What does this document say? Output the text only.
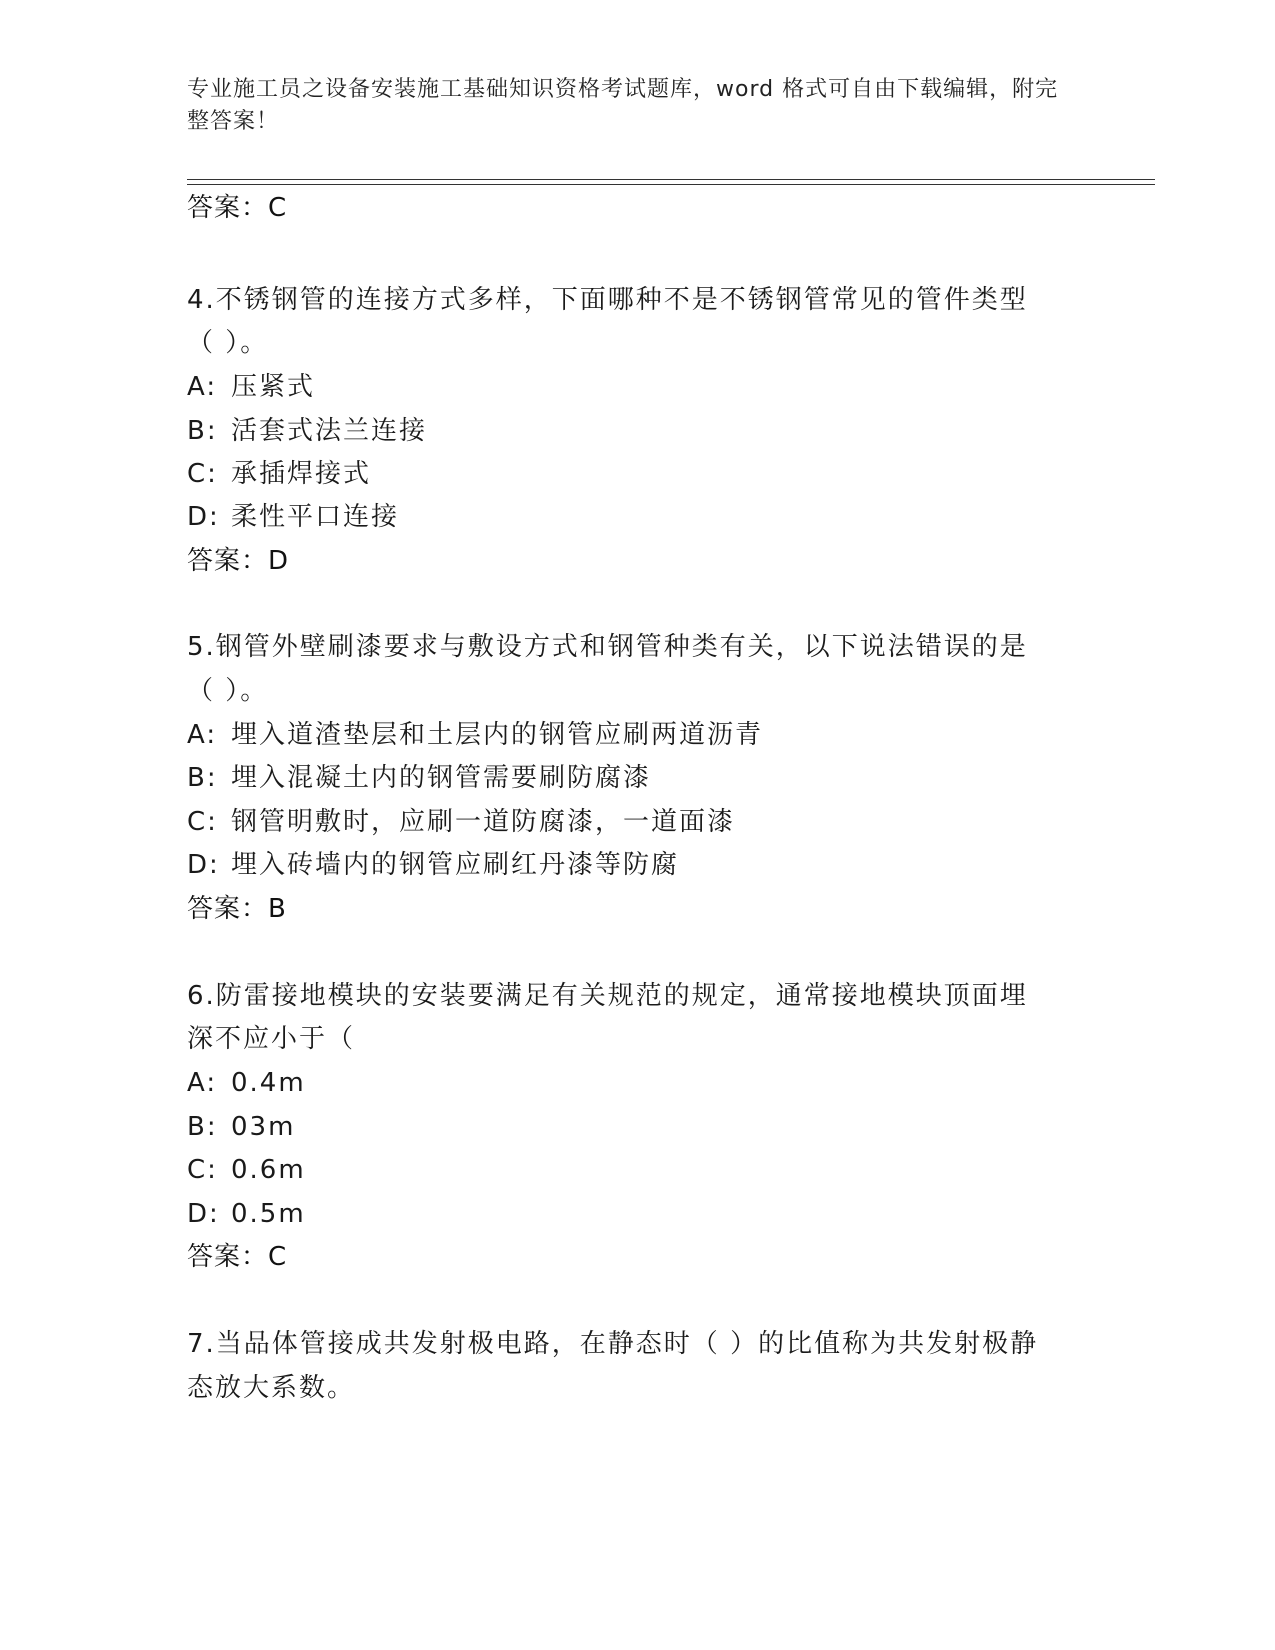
专业施工员之设备安装施工基础知识资格考试题库，word 格式可自由下载编辑，附完整答案！
答案：C
4.不锈钢管的连接方式多样，下面哪种不是不锈钢管常见的管件类型
（ ）。
A: 压紧式
B: 活套式法兰连接
C: 承插焊接式
D: 柔性平口连接
答案：D
5.钢管外壁刷漆要求与敷设方式和钢管种类有关，以下说法错误的是
（ ）。
A: 埋入道渣垫层和土层内的钢管应刷两道沥青
B: 埋入混凝土内的钢管需要刷防腐漆
C: 钢管明敷时，应刷一道防腐漆，一道面漆
D: 埋入砖墙内的钢管应刷红丹漆等防腐
答案：B
6.防雷接地模块的安装要满足有关规范的规定，通常接地模块顶面埋
深不应小于（
A: 0.4m
B: 03m
C: 0.6m
D: 0.5m
答案：C
7.当品体管接成共发射极电路，在静态时（ ）的比值称为共发射极静
态放大系数。
